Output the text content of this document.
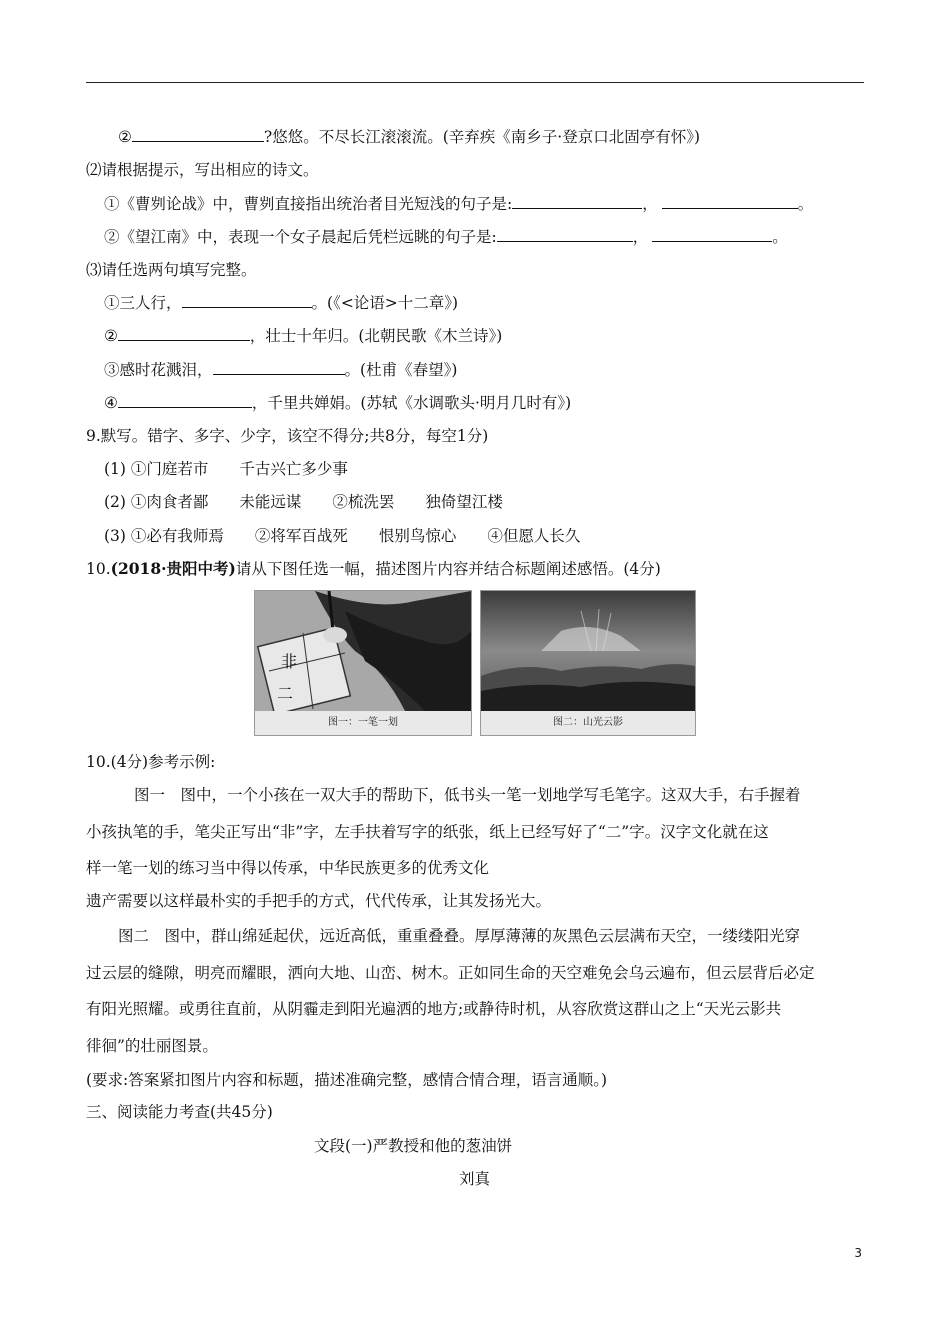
②	?悠悠。不尽长江滚滚流。(辛弃疾《南乡子·登京口北固亭有怀》)
⑵请根据提示，写出相应的诗文。
①《曹刿论战》中，曹刿直接指出统治者目光短浅的句子是:	，	。
②《望江南》中，表现一个女子晨起后凭栏远眺的句子是:	，	。
⑶请任选两句填写完整。
①三人行，	。(《<论语>十二章》)
②	，壮士十年归。(北朝民歌《木兰诗》)
③感时花溅泪，	。(杜甫《春望》)
④	，千里共婵娟。(苏轼《水调歌头·明月几时有》)
9.默写。错字、多字、少字，该空不得分;共8分，每空1分)
(1) ①门庭若市　　千古兴亡多少事
(2) ①肉食者鄙　　未能远谋　　②梳洗罢　　独倚望江楼
(3) ①必有我师焉　　②将军百战死　　恨别鸟惊心　　④但愿人长久
10.(2018·贵阳中考)请从下图任选一幅，描述图片内容并结合标题阐述感悟。(4分)
非
二
图一：一笔一划	图二：山光云影
10.(4分)参考示例:
图一　图中，一个小孩在一双大手的帮助下，低书头一笔一划地学写毛笔字。这双大手，右手握着
小孩执笔的手，笔尖正写出“非”字，左手扶着写字的纸张，纸上已经写好了“二”字。汉字文化就在这
样一笔一划的练习当中得以传承，中华民族更多的优秀文化
遗产需要以这样最朴实的手把手的方式，代代传承，让其发扬光大。
图二　图中，群山绵延起伏，远近高低，重重叠叠。厚厚薄薄的灰黑色云层满布天空，一缕缕阳光穿
过云层的缝隙，明亮而耀眼，洒向大地、山峦、树木。正如同生命的天空难免会乌云遍布，但云层背后必定
有阳光照耀。或勇往直前，从阴霾走到阳光遍洒的地方;或静待时机，从容欣赏这群山之上“天光云影共
徘徊”的壮丽图景。
(要求:答案紧扣图片内容和标题，描述准确完整，感情合情合理，语言通顺。)
三、阅读能力考查(共45分)
文段(一)严教授和他的葱油饼
刘真
3
